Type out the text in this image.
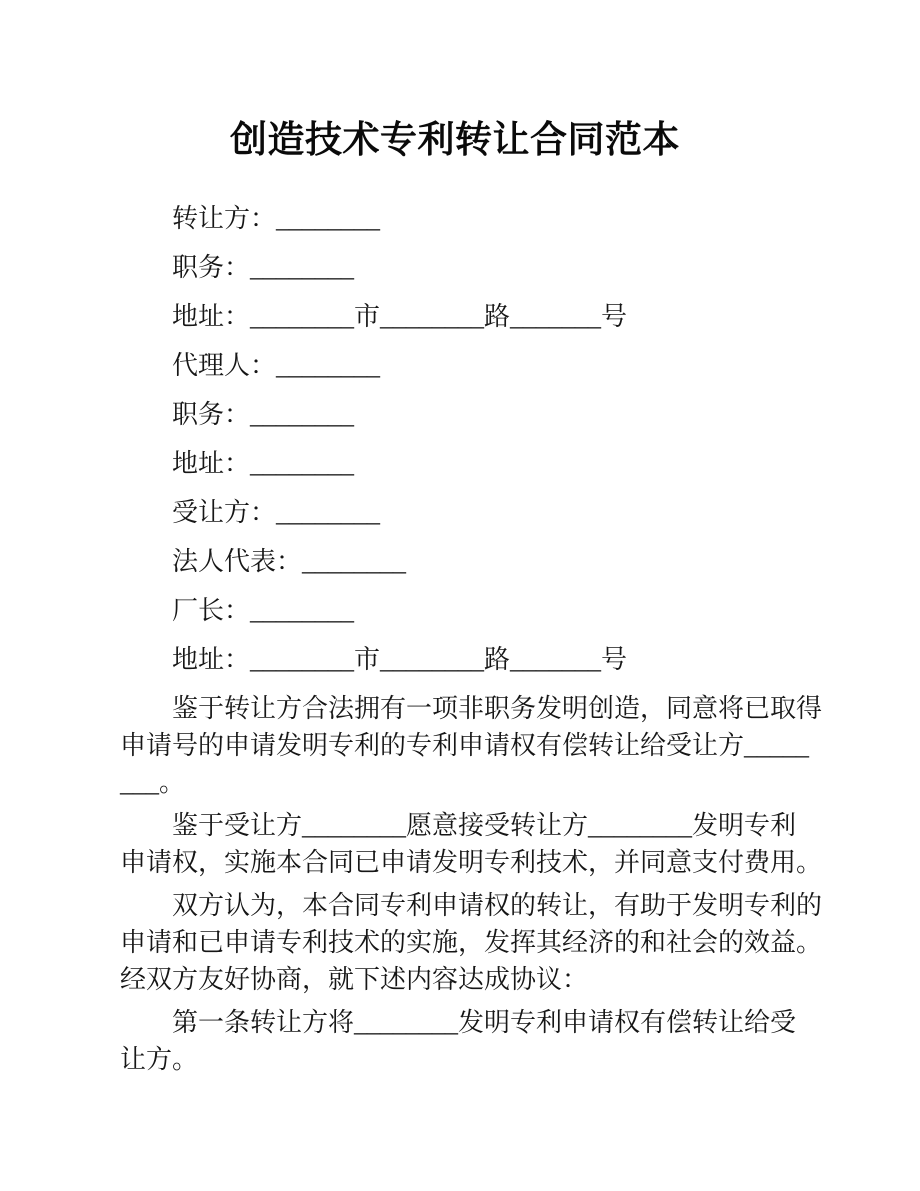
创造技术专利转让合同范本
转让方：________
职务：________
地址：________市________路_______号
代理人：________
职务：________
地址：________
受让方：________
法人代表：________
厂长：________
地址：________市________路_______号
鉴于转让方合法拥有一项非职务发明创造，同意将已取得
申请号的申请发明专利的专利申请权有偿转让给受让方_____
___。
鉴于受让方________愿意接受转让方________发明专利
申请权，实施本合同已申请发明专利技术，并同意支付费用。
双方认为，本合同专利申请权的转让，有助于发明专利的
申请和已申请专利技术的实施，发挥其经济的和社会的效益。
经双方友好协商，就下述内容达成协议：
第一条转让方将________发明专利申请权有偿转让给受
让方。
